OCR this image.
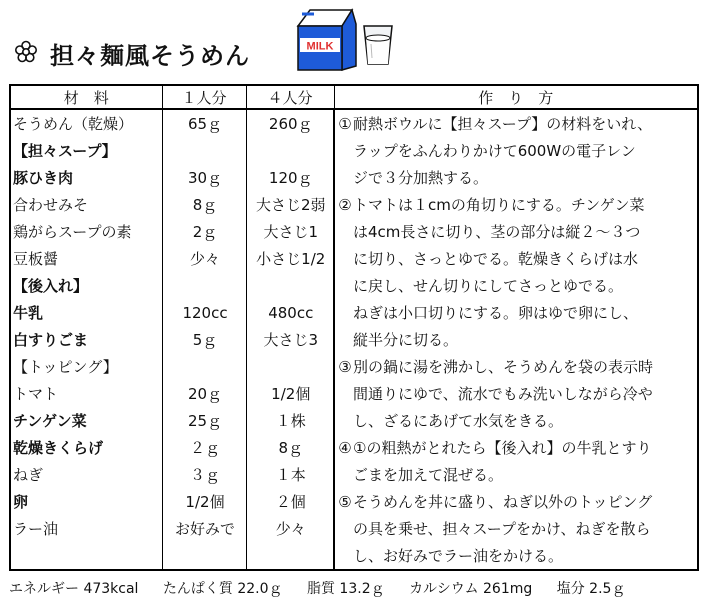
担々麺風そうめん	MILK
材　料	１人分	４人分	作　り　方
そうめん（乾燥）	65ｇ	260ｇ	①耐熱ボウルに【担々スープ】の材料をいれ、
【担々スープ】			ラップをふんわりかけて600Wの電子レン
豚ひき肉	30ｇ	120ｇ	ジで３分加熱する。
合わせみそ	8ｇ	大さじ2弱	②トマトは１cmの角切りにする。チンゲン菜
鶏がらスープの素	2ｇ	大さじ1	は4cm長さに切り、茎の部分は縦２～３つ
豆板醤	少々	小さじ1/2	に切り、さっとゆでる。乾燥きくらげは水
【後入れ】			に戻し、せん切りにしてさっとゆでる。
牛乳	120cc	480cc	ねぎは小口切りにする。卵はゆで卵にし、
白すりごま	5ｇ	大さじ3	縦半分に切る。
【トッピング】			③別の鍋に湯を沸かし、そうめんを袋の表示時
トマト	20ｇ	1/2個	間通りにゆで、流水でもみ洗いしながら冷や
チンゲン菜	25ｇ	１株	し、ざるにあげて水気をきる。
乾燥きくらげ	２ｇ	8ｇ	④①の粗熱がとれたら【後入れ】の牛乳とすり
ねぎ	３ｇ	１本	ごまを加えて混ぜる。
卵	1/2個	２個	⑤そうめんを丼に盛り、ねぎ以外のトッピング
ラー油	お好みで	少々	の具を乗せ、担々スープをかけ、ねぎを散ら
			し、お好みでラー油をかける。
エネルギー 473kcal たんぱく質 22.0ｇ 脂質 13.2ｇ カルシウム 261mg 塩分 2.5ｇ
